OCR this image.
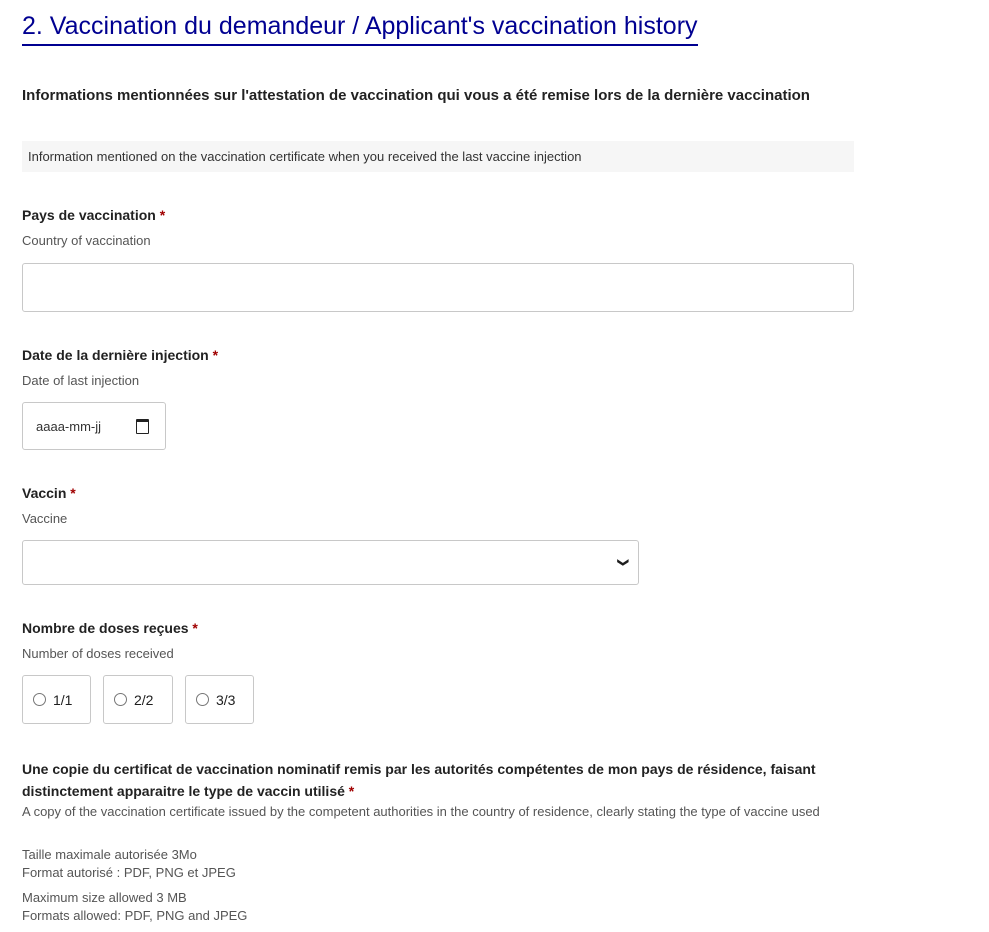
2. Vaccination du demandeur / Applicant's vaccination history
Informations mentionnées sur l'attestation de vaccination qui vous a été remise lors de la dernière vaccination
Information mentioned on the vaccination certificate when you received the last vaccine injection
Pays de vaccination *
Country of vaccination
Date de la dernière injection *
Date of last injection
aaaa-mm-jj
Vaccin *
Vaccine
❯
Nombre de doses reçues *
Number of doses received
1/1	2/2	3/3
Une copie du certificat de vaccination nominatif remis par les autorités compétentes de mon pays de résidence, faisant distinctement apparaitre le type de vaccin utilisé *
A copy of the vaccination certificate issued by the competent authorities in the country of residence, clearly stating the type of vaccine used
Taille maximale autorisée 3Mo
Format autorisé : PDF, PNG et JPEG
Maximum size allowed 3 MB
Formats allowed: PDF, PNG and JPEG
